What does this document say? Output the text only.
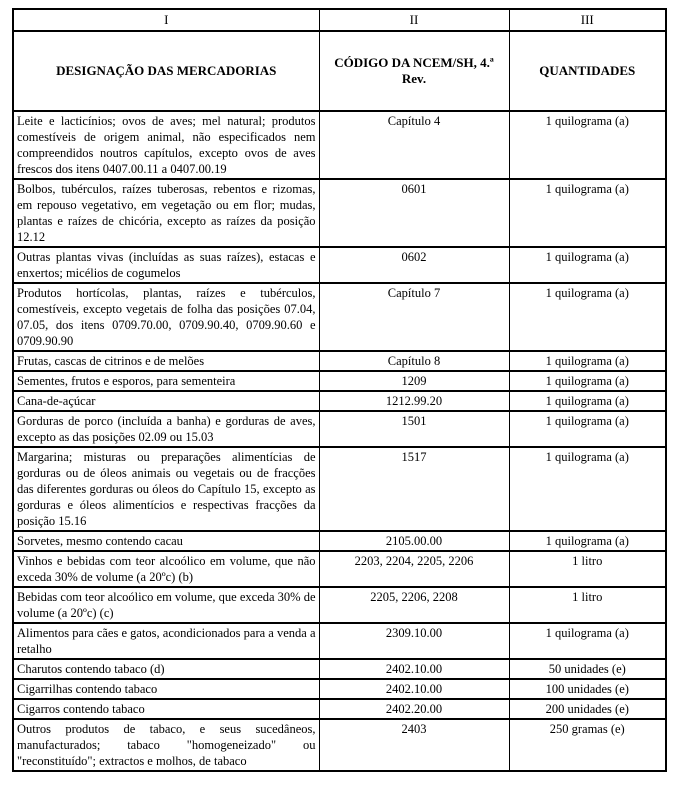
I	II	III
DESIGNAÇÃO DAS MERCADORIAS	CÓDIGO DA NCEM/SH, 4.ª Rev.	QUANTIDADES
Leite e lacticínios; ovos de aves; mel natural; produtos comestíveis de origem animal, não especificados nem compreendidos noutros capítulos, excepto ovos de aves frescos dos itens 0407.00.11 a 0407.00.19	Capítulo 4	1 quilograma (a)
Bolbos, tubérculos, raízes tuberosas, rebentos e rizomas, em repouso vegetativo, em vegetação ou em flor; mudas, plantas e raízes de chicória, excepto as raízes da posição 12.12	0601	1 quilograma (a)
Outras plantas vivas (incluídas as suas raízes), estacas e enxertos; micélios de cogumelos	0602	1 quilograma (a)
Produtos hortícolas, plantas, raízes e tubérculos, comestíveis, excepto vegetais de folha das posições 07.04, 07.05, dos itens 0709.70.00, 0709.90.40, 0709.90.60 e 0709.90.90	Capítulo 7	1 quilograma (a)
Frutas, cascas de citrinos e de melões	Capítulo 8	1 quilograma (a)
Sementes, frutos e esporos, para sementeira	1209	1 quilograma (a)
Cana-de-açúcar	1212.99.20	1 quilograma (a)
Gorduras de porco (incluída a banha) e gorduras de aves, excepto as das posições 02.09 ou 15.03	1501	1 quilograma (a)
Margarina; misturas ou preparações alimentícias de gorduras ou de óleos animais ou vegetais ou de fracções das diferentes gorduras ou óleos do Capítulo 15, excepto as gorduras e óleos alimentícios e respectivas fracções da posição 15.16	1517	1 quilograma (a)
Sorvetes, mesmo contendo cacau	2105.00.00	1 quilograma (a)
Vinhos e bebidas com teor alcoólico em volume, que não exceda 30% de volume (a 20ºc) (b)	2203, 2204, 2205, 2206	1 litro
Bebidas com teor alcoólico em volume, que exceda 30% de volume (a 20ºc) (c)	2205, 2206, 2208	1 litro
Alimentos para cães e gatos, acondicionados para a venda a retalho	2309.10.00	1 quilograma (a)
Charutos contendo tabaco (d)	2402.10.00	50 unidades (e)
Cigarrilhas contendo tabaco	2402.10.00	100 unidades (e)
Cigarros contendo tabaco	2402.20.00	200 unidades (e)
Outros produtos de tabaco, e seus sucedâneos, manufacturados; tabaco "homogeneizado" ou "reconstituído"; extractos e molhos, de tabaco	2403	250 gramas (e)
